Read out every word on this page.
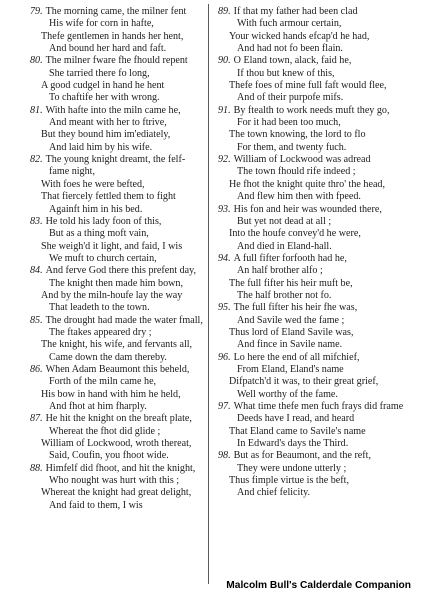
79. The morning came, the milner fent
His wife for corn in hafte,
Thefe gentlemen in hands her hent,
And bound her hard and faft.
80. The milner fware fhe fhould repent
She tarried there fo long,
A good cudgel in hand he hent
To chaftife her with wrong.
81. With hafte into the miln came he,
And meant with her to ftrive,
But they bound him im'ediately,
And laid him by his wife.
82. The young knight dreamt, the felf-
fame night,
With foes he were befted,
That fiercely fettled them to fight
Againft him in his bed.
83. He told his lady foon of this,
But as a thing moft vain,
She weigh'd it light, and faid, I wis
We muft to church certain,
84. And ferve God there this prefent day,
The knight then made him bown,
And by the miln-houfe lay the way
That leadeth to the town.
85. The drought had made the water fmall,
The ftakes appeared dry ;
The knight, his wife, and fervants all,
Came down the dam thereby.
86. When Adam Beaumont this beheld,
Forth of the miln came he,
His bow in hand with him he held,
And fhot at him fharply.
87. He hit the knight on the breaft plate,
Whereat the fhot did glide ;
William of Lockwood, wroth thereat,
Said, Coufin, you fhoot wide.
88. Himfelf did fhoot, and hit the knight,
Who nought was hurt with this ;
Whereat the knight had great delight,
And faid to them, I wis
89. If that my father had been clad
With fuch armour certain,
Your wicked hands efcap'd he had,
And had not fo been flain.
90. O Eland town, alack, faid he,
If thou but knew of this,
Thefe foes of mine full faft would flee,
And of their purpofe mifs.
91. By ftealth to work needs muft they go,
For it had been too much,
The town knowing, the lord to flo
For them, and twenty fuch.
92. William of Lockwood was adread
The town fhould rife indeed ;
He fhot the knight quite thro' the head,
And flew him then with fpeed.
93. His fon and heir was wounded there,
But yet not dead at all ;
Into the houfe convey'd he were,
And died in Eland-hall.
94. A full fifter forfooth had he,
An half brother alfo ;
The full fifter his heir muft be,
The half brother not fo.
95. The full fifter his heir fhe was,
And Savile wed the fame ;
Thus lord of Eland Savile was,
And fince in Savile name.
96. Lo here the end of all mifchief,
From Eland, Eland's name
Difpatch'd it was, to their great grief,
Well worthy of the fame.
97. What time thefe men fuch frays did frame
Deeds have I read, and heard
That Eland came to Savile's name
In Edward's days the Third.
98. But as for Beaumont, and the reft,
They were undone utterly ;
Thus fimple virtue is the beft,
And chief felicity.
Malcolm Bull's Calderdale Companion
